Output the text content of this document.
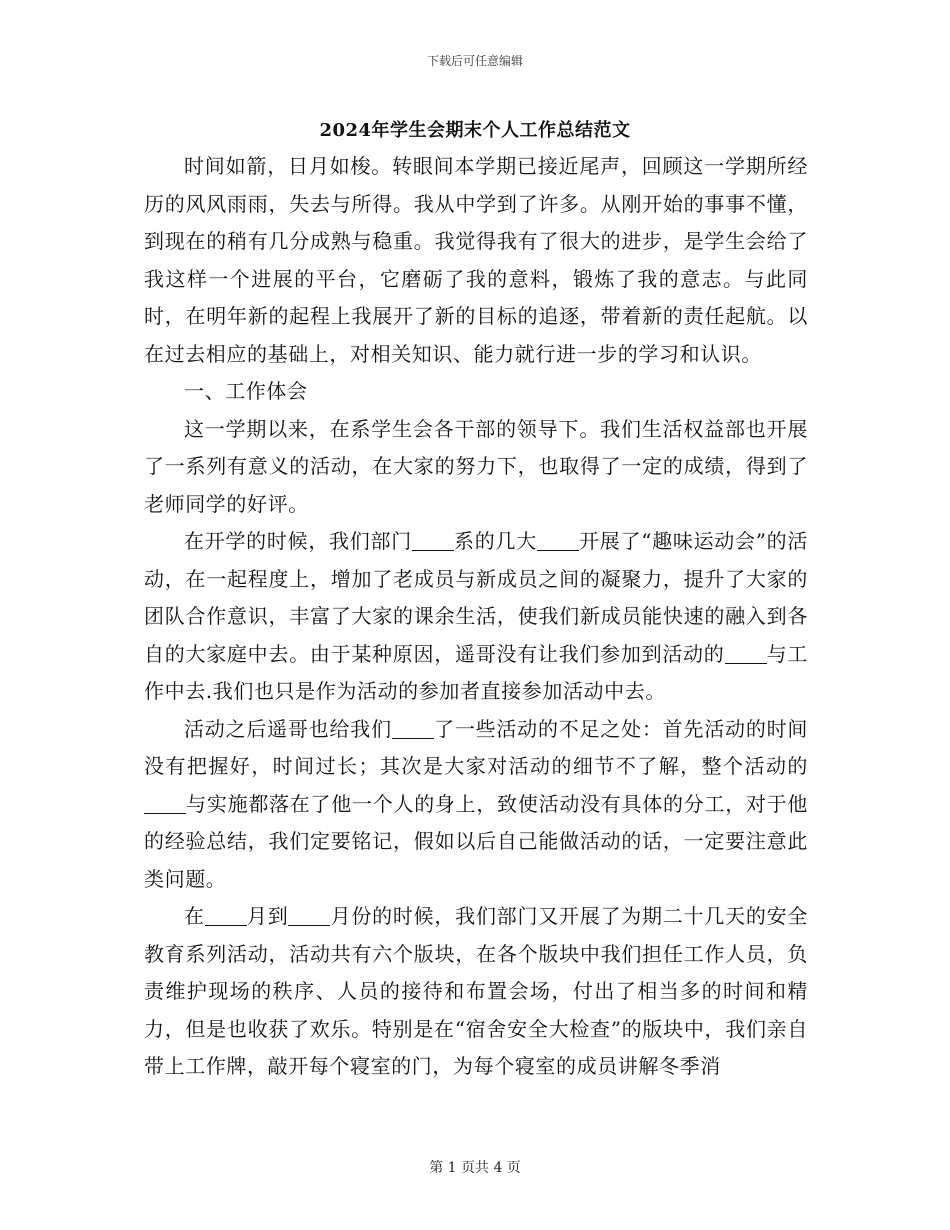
下载后可任意编辑
2024年学生会期末个人工作总结范文

时间如箭，日月如梭。转眼间本学期已接近尾声，回顾这一学期所经历的风风雨雨，失去与所得。我从中学到了许多。从刚开始的事事不懂，到现在的稍有几分成熟与稳重。我觉得我有了很大的进步，是学生会给了我这样一个进展的平台，它磨砺了我的意料，锻炼了我的意志。与此同时，在明年新的起程上我展开了新的目标的追逐，带着新的责任起航。以在过去相应的基础上，对相关知识、能力就行进一步的学习和认识。

一、工作体会

这一学期以来，在系学生会各干部的领导下。我们生活权益部也开展了一系列有意义的活动，在大家的努力下，也取得了一定的成绩，得到了老师同学的好评。

在开学的时候，我们部门 系的几大 开展了“趣味运动会”的活动，在一起程度上，增加了老成员与新成员之间的凝聚力，提升了大家的团队合作意识，丰富了大家的课余生活，使我们新成员能快速的融入到各自的大家庭中去。由于某种原因，遥哥没有让我们参加到活动的 与工作中去.我们也只是作为活动的参加者直接参加活动中去。

活动之后遥哥也给我们 了一些活动的不足之处：首先活动的时间没有把握好，时间过长；其次是大家对活动的细节不了解，整个活动的与实施都落在了他一个人的身上，致使活动没有具体的分工，对于他的经验总结，我们定要铭记，假如以后自己能做活动的话，一定要注意此类问题。

在 月到 月份的时候，我们部门又开展了为期二十几天的安全教育系列活动，活动共有六个版块，在各个版块中我们担任工作人员，负责维护现场的秩序、人员的接待和布置会场，付出了相当多的时间和精力，但是也收获了欢乐。特别是在“宿舍安全大检查”的版块中，我们亲自带上工作牌，敲开每个寝室的门，为每个寝室的成员讲解冬季消

第 1 页共 4 页
